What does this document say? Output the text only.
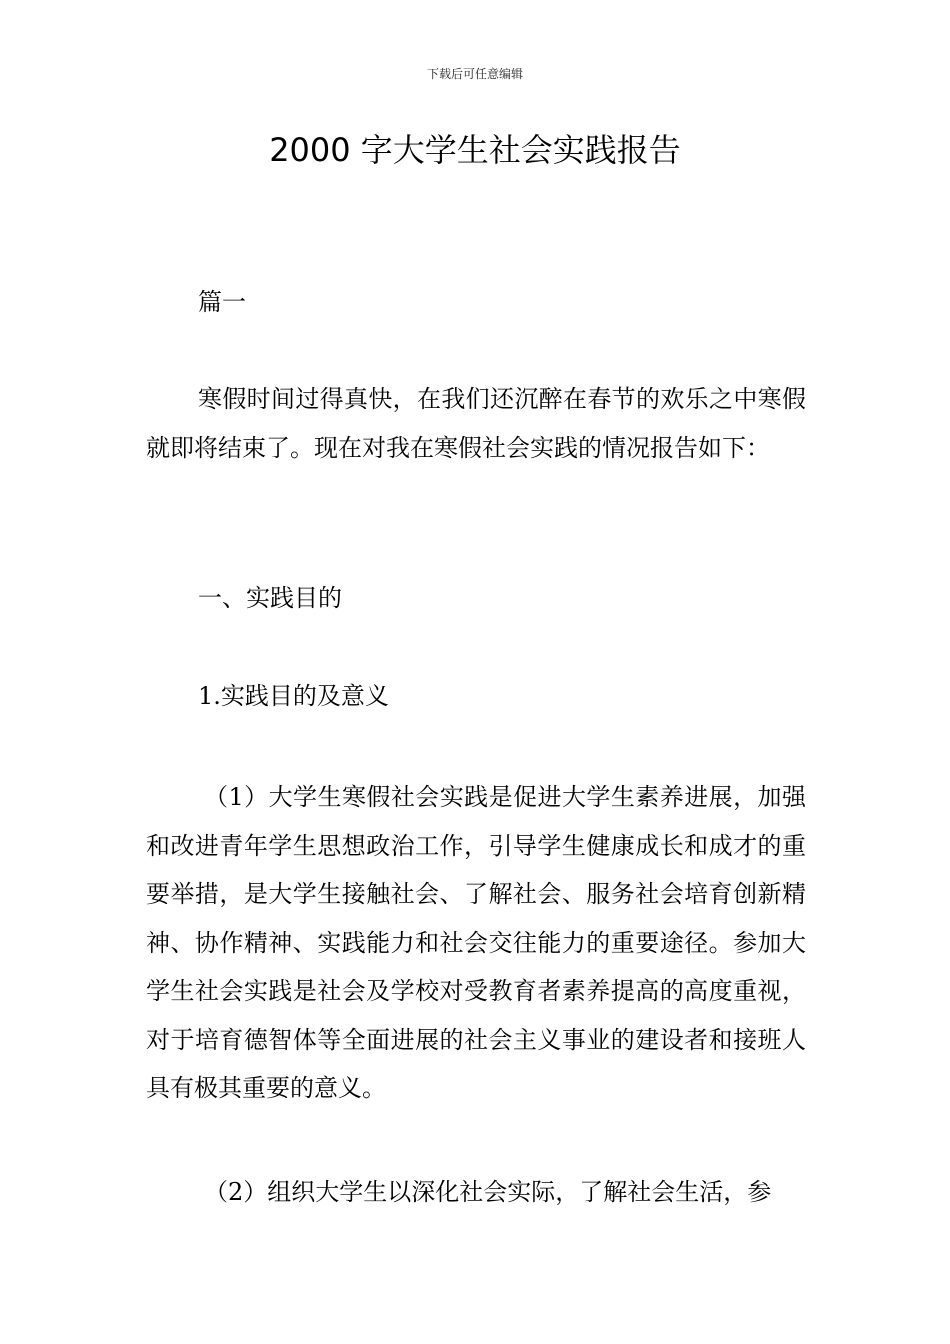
下载后可任意编辑
2000 字大学生社会实践报告

篇一

寒假时间过得真快，在我们还沉醉在春节的欢乐之中寒假就即将结束了。现在对我在寒假社会实践的情况报告如下：

一、实践目的

1.实践目的及意义

（1）大学生寒假社会实践是促进大学生素养进展，加强和改进青年学生思想政治工作，引导学生健康成长和成才的重要举措，是大学生接触社会、了解社会、服务社会培育创新精神、协作精神、实践能力和社会交往能力的重要途径。参加大学生社会实践是社会及学校对受教育者素养提高的高度重视，对于培育德智体等全面进展的社会主义事业的建设者和接班人具有极其重要的意义。

（2）组织大学生以深化社会实际，了解社会生活，参
